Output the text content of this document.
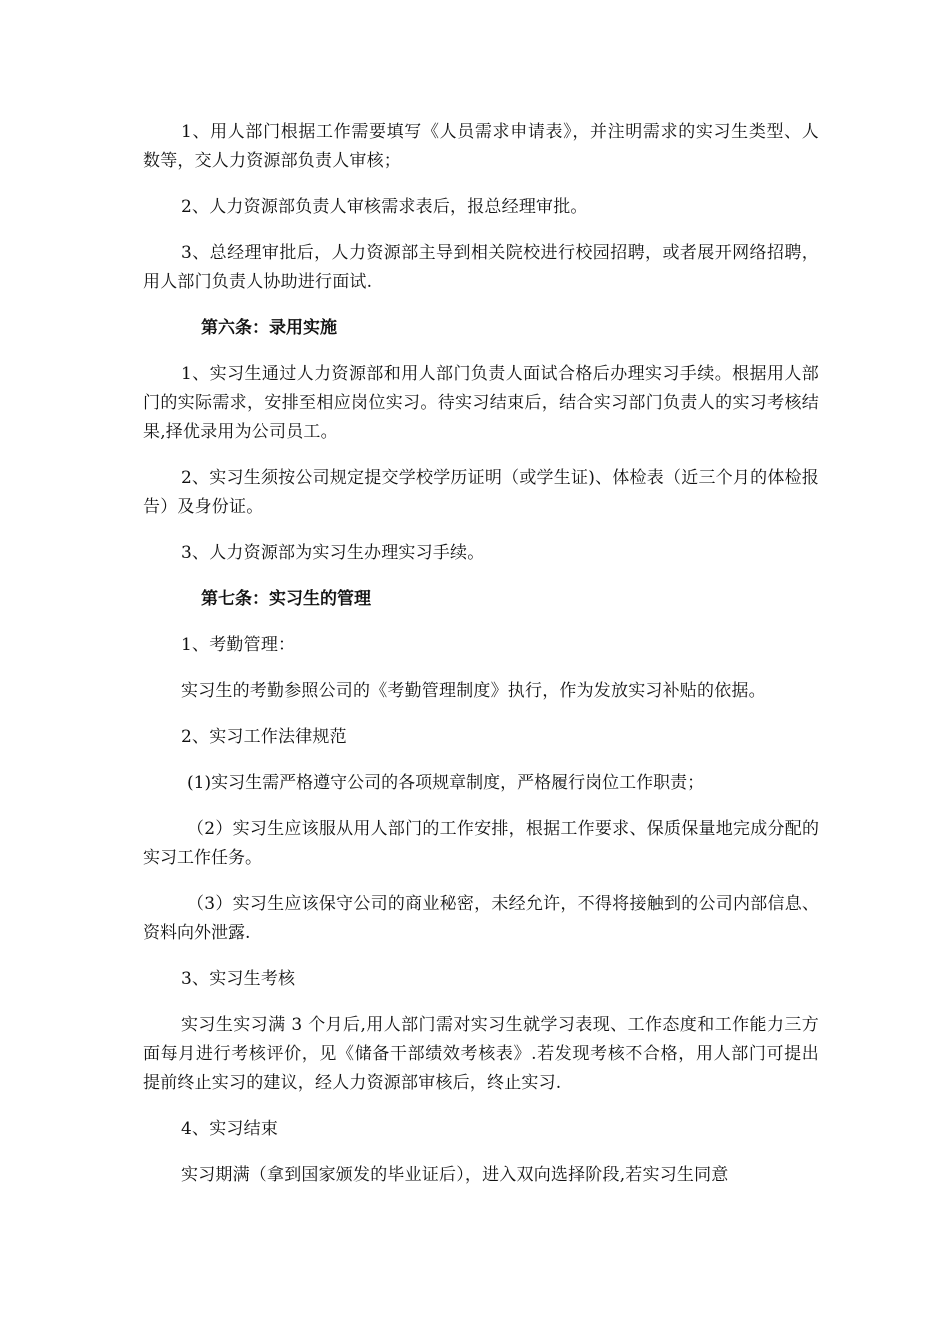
1、用人部门根据工作需要填写《人员需求申请表》，并注明需求的实习生类型、人数等，交人力资源部负责人审核；

2、人力资源部负责人审核需求表后，报总经理审批。

3、总经理审批后，人力资源部主导到相关院校进行校园招聘，或者展开网络招聘，用人部门负责人协助进行面试.

第六条：录用实施

1、实习生通过人力资源部和用人部门负责人面试合格后办理实习手续。根据用人部门的实际需求，安排至相应岗位实习。待实习结束后，结合实习部门负责人的实习考核结果,择优录用为公司员工。

2、实习生须按公司规定提交学校学历证明（或学生证)、体检表（近三个月的体检报告）及身份证。

3、人力资源部为实习生办理实习手续。

第七条：实习生的管理

1、考勤管理：

实习生的考勤参照公司的《考勤管理制度》执行，作为发放实习补贴的依据。

2、实习工作法律规范

(1)实习生需严格遵守公司的各项规章制度，严格履行岗位工作职责；

（2）实习生应该服从用人部门的工作安排，根据工作要求、保质保量地完成分配的实习工作任务。

（3）实习生应该保守公司的商业秘密，未经允许，不得将接触到的公司内部信息、资料向外泄露.

3、实习生考核

实习生实习满 3 个月后,用人部门需对实习生就学习表现、工作态度和工作能力三方面每月进行考核评价，见《储备干部绩效考核表》.若发现考核不合格，用人部门可提出提前终止实习的建议，经人力资源部审核后，终止实习.

4、实习结束

实习期满（拿到国家颁发的毕业证后），进入双向选择阶段,若实习生同意
